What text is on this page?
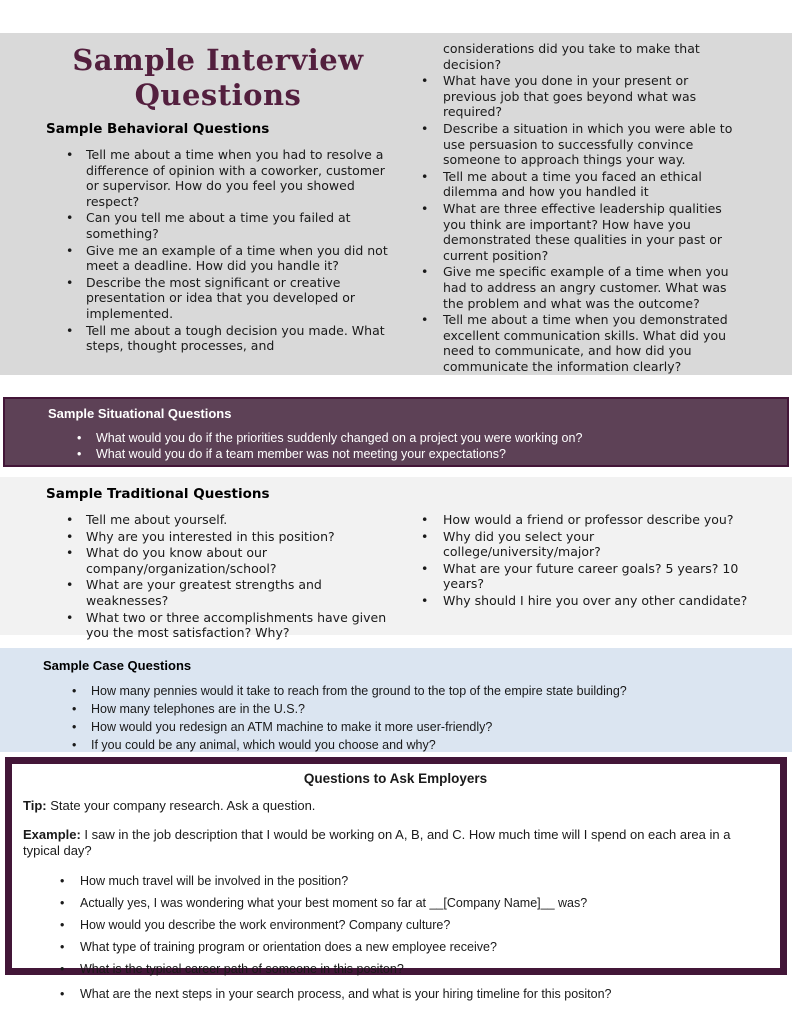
Sample Interview
Questions
Sample Behavioral Questions
• Tell me about a time when you had to resolve a difference of opinion with a coworker, customer or supervisor. How do you feel you showed respect?
• Can you tell me about a time you failed at something?
• Give me an example of a time when you did not meet a deadline. How did you handle it?
• Describe the most significant or creative presentation or idea that you developed or implemented.
• Tell me about a tough decision you made. What steps, thought processes, and
considerations did you take to make that decision?
• What have you done in your present or previous job that goes beyond what was required?
• Describe a situation in which you were able to use persuasion to successfully convince someone to approach things your way.
• Tell me about a time you faced an ethical dilemma and how you handled it
• What are three effective leadership qualities you think are important? How have you demonstrated these qualities in your past or current position?
• Give me specific example of a time when you had to address an angry customer. What was the problem and what was the outcome?
• Tell me about a time when you demonstrated excellent communication skills. What did you need to communicate, and how did you communicate the information clearly?
Sample Situational Questions
• What would you do if the priorities suddenly changed on a project you were working on?
• What would you do if a team member was not meeting your expectations?
Sample Traditional Questions
• Tell me about yourself.
• Why are you interested in this position?
• What do you know about our company/organization/school?
• What are your greatest strengths and weaknesses?
• What two or three accomplishments have given you the most satisfaction? Why?
• How would a friend or professor describe you?
• Why did you select your college/university/major?
• What are your future career goals? 5 years? 10 years?
• Why should I hire you over any other candidate?
Sample Case Questions
• How many pennies would it take to reach from the ground to the top of the empire state building?
• How many telephones are in the U.S.?
• How would you redesign an ATM machine to make it more user-friendly?
• If you could be any animal, which would you choose and why?
Questions to Ask Employers
Tip: State your company research. Ask a question.
Example: I saw in the job description that I would be working on A, B, and C. How much time will I spend on each area in a typical day?
• How much travel will be involved in the position?
• Actually yes, I was wondering what your best moment so far at __[Company Name]__ was?
• How would you describe the work environment? Company culture?
• What type of training program or orientation does a new employee receive?
• What is the typical career path of someone in this positon?
• What are the next steps in your search process, and what is your hiring timeline for this positon?
